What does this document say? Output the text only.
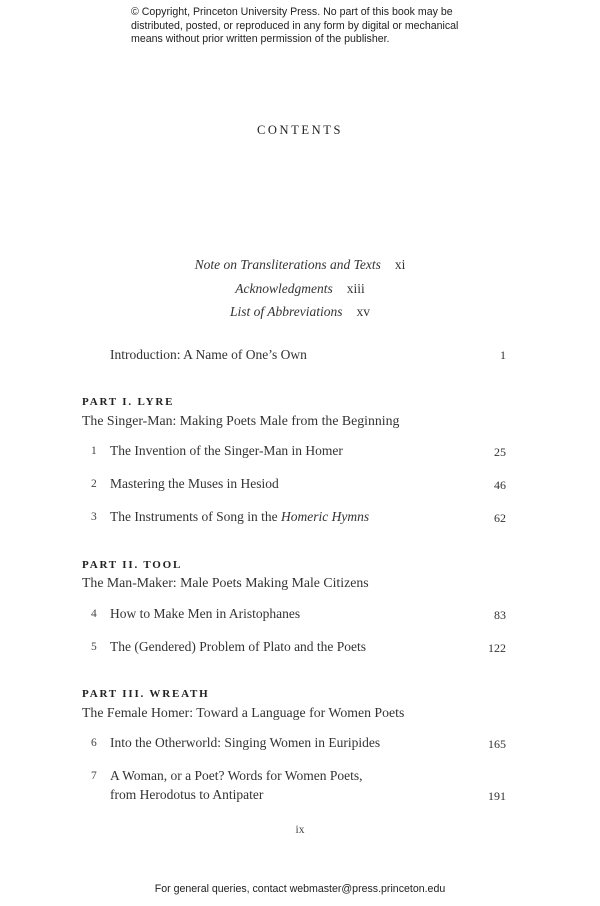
© Copyright, Princeton University Press. No part of this book may be
distributed, posted, or reproduced in any form by digital or mechanical
means without prior written permission of the publisher.
CONTENTS
Note on Transliterations and Texts xi
Acknowledgments xiii
List of Abbreviations xv
Introduction: A Name of One’s Own	1
PART I. LYRE
The Singer-Man: Making Poets Male from the Beginning
1 The Invention of the Singer-Man in Homer	25
2 Mastering the Muses in Hesiod	46
3 The Instruments of Song in the Homeric Hymns	62
PART II. TOOL
The Man-Maker: Male Poets Making Male Citizens
4 How to Make Men in Aristophanes	83
5 The (Gendered) Problem of Plato and the Poets	122
PART III. WREATH
The Female Homer: Toward a Language for Women Poets
6 Into the Otherworld: Singing Women in Euripides	165
7 A Woman, or a Poet? Words for Women Poets,
from Herodotus to Antipater	191
ix
For general queries, contact webmaster@press.princeton.edu
